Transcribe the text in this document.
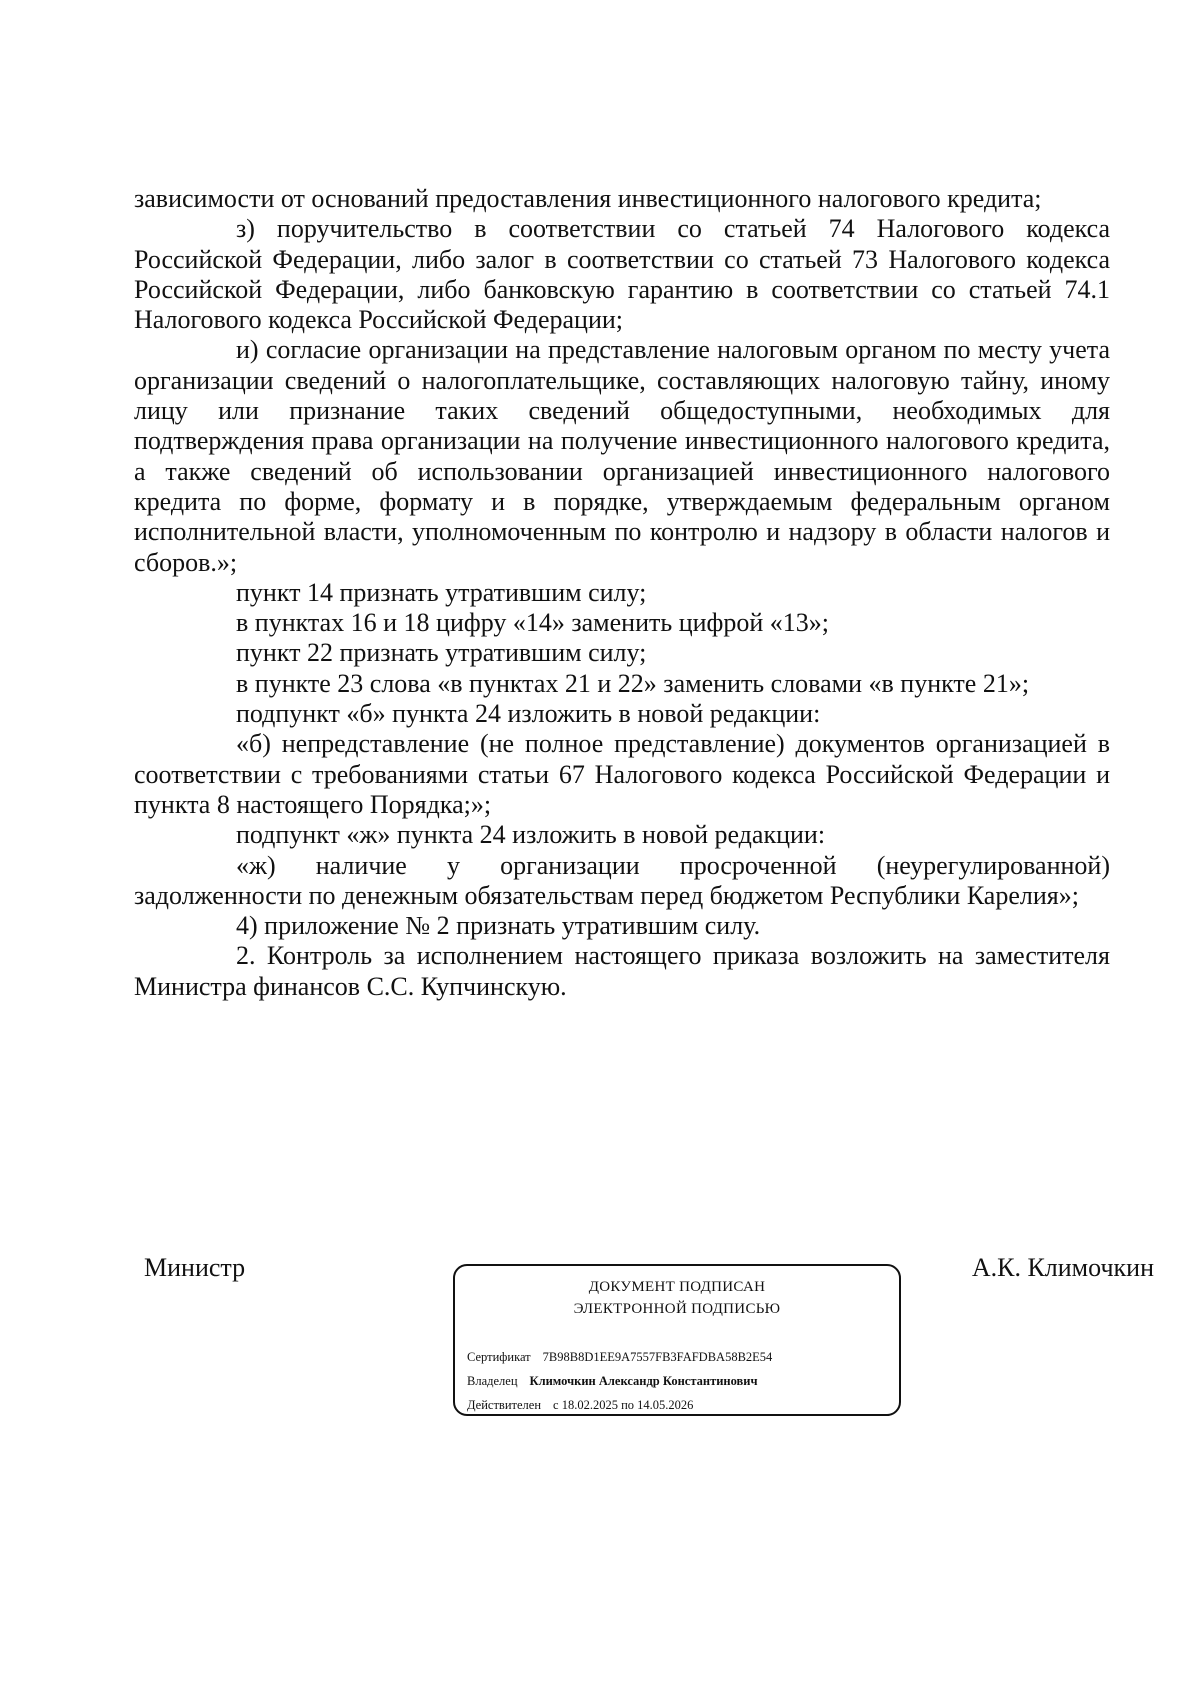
зависимости от оснований предоставления инвестиционного налогового кредита;

з) поручительство в соответствии со статьей 74 Налогового кодекса Российской Федерации, либо залог в соответствии со статьей 73 Налогового кодекса Российской Федерации, либо банковскую гарантию в соответствии со статьей 74.1 Налогового кодекса Российской Федерации;

и) согласие организации на представление налоговым органом по месту учета организации сведений о налогоплательщике, составляющих налоговую тайну, иному лицу или признание таких сведений общедоступными, необходимых для подтверждения права организации на получение инвестиционного налогового кредита, а также сведений об использовании организацией инвестиционного налогового кредита по форме, формату и в порядке, утверждаемым федеральным органом исполнительной власти, уполномоченным по контролю и надзору в области налогов и сборов.»;

пункт 14 признать утратившим силу;

в пунктах 16 и 18 цифру «14» заменить цифрой «13»;

пункт 22 признать утратившим силу;

в пункте 23 слова «в пунктах 21 и 22» заменить словами «в пункте 21»;

подпункт «б» пункта 24 изложить в новой редакции:

«б) непредставление (не полное представление) документов организацией в соответствии с требованиями статьи 67 Налогового кодекса Российской Федерации и пункта 8 настоящего Порядка;»;

подпункт «ж» пункта 24 изложить в новой редакции:

«ж) наличие у организации просроченной (неурегулированной) задолженности по денежным обязательствам перед бюджетом Республики Карелия»;

4) приложение № 2 признать утратившим силу.

2. Контроль за исполнением настоящего приказа возложить на заместителя Министра финансов С.С. Купчинскую.

Министр
ДОКУМЕНТ ПОДПИСАН
ЭЛЕКТРОННОЙ ПОДПИСЬЮ
Сертификат 7B98B8D1EE9A7557FB3FAFDBA58B2E54
Владелец Климочкин Александр Константинович
Действителен с 18.02.2025 по 14.05.2026
А.К. Климочкин
